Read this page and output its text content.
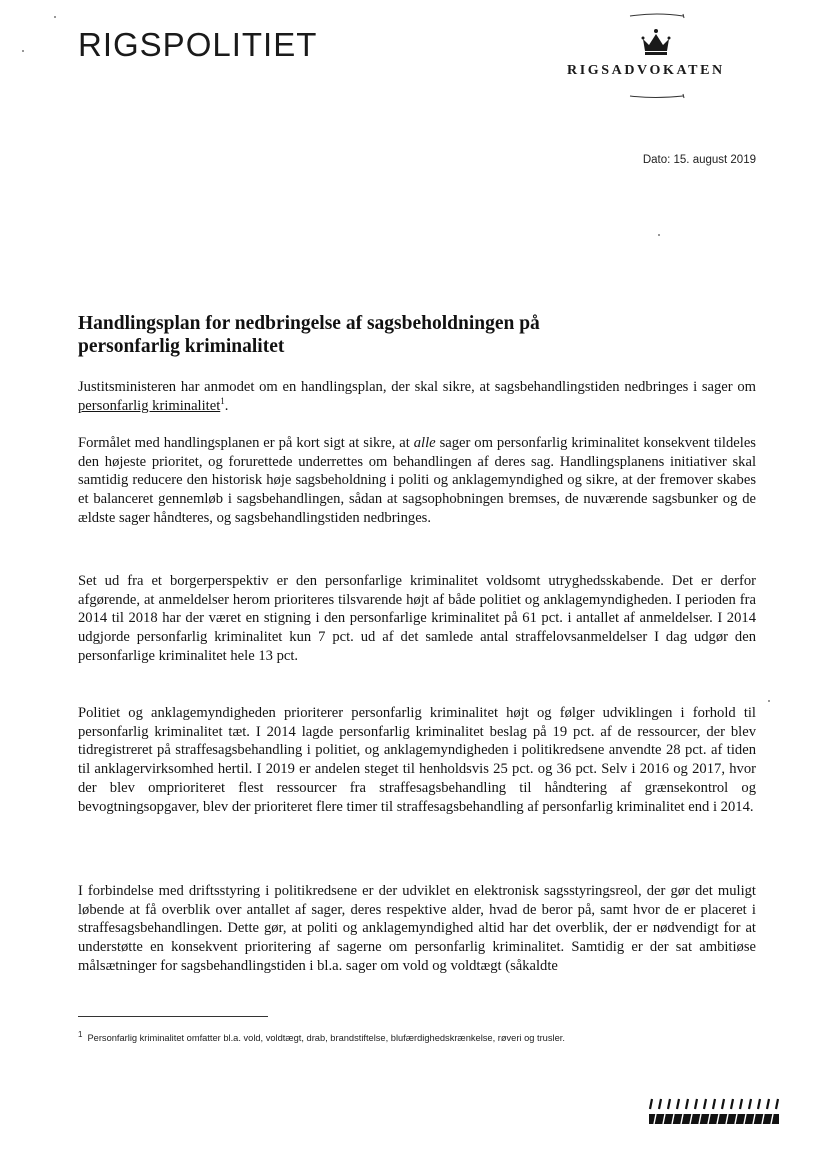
RIGSPOLITIET
RIGSADVOKATEN
Dato: 15. august 2019
Handlingsplan for nedbringelse af sagsbeholdningen på personfarlig kriminalitet

Justitsministeren har anmodet om en handlingsplan, der skal sikre, at sagsbehandlingstiden nedbringes i sager om personfarlig kriminalitet$^1$.

Formålet med handlingsplanen er på kort sigt at sikre, at alle sager om personfarlig kriminalitet konsekvent tildeles den højeste prioritet, og forurettede underrettes om behandlingen af deres sag. Handlingsplanens initiativer skal samtidig reducere den historisk høje sagsbeholdning i politi og anklagemyndighed og sikre, at der fremover skabes et balanceret gennemløb i sagsbehandlingen, sådan at sagsophobningen bremses, de nuværende sagsbunker og de ældste sager håndteres, og sagsbehandlingstiden nedbringes.

Set ud fra et borgerperspektiv er den personfarlige kriminalitet voldsomt utryghedsskabende. Det er derfor afgørende, at anmeldelser herom prioriteres tilsvarende højt af både politiet og anklagemyndigheden. I perioden fra 2014 til 2018 har der været en stigning i den personfarlige kriminalitet på 61 pct. i antallet af anmeldelser. I 2014 udgjorde personfarlig kriminalitet kun 7 pct. ud af det samlede antal straffelovsanmeldelser I dag udgør den personfarlige kriminalitet hele 13 pct.

Politiet og anklagemyndigheden prioriterer personfarlig kriminalitet højt og følger udviklingen i forhold til personfarlig kriminalitet tæt. I 2014 lagde personfarlig kriminalitet beslag på 19 pct. af de ressourcer, der blev tidregistreret på straffesagsbehandling i politiet, og anklagemyndigheden i politikredsene anvendte 28 pct. af tiden til anklagervirksomhed hertil. I 2019 er andelen steget til henholdsvis 25 pct. og 36 pct. Selv i 2016 og 2017, hvor der blev omprioriteret flest ressourcer fra straffesagsbehandling til håndtering af grænsekontrol og bevogtningsopgaver, blev der prioriteret flere timer til straffesagsbehandling af personfarlig kriminalitet end i 2014.

I forbindelse med driftsstyring i politikredsene er der udviklet en elektronisk sagsstyringsreol, der gør det muligt løbende at få overblik over antallet af sager, deres respektive alder, hvad de beror på, samt hvor de er placeret i straffesagsbehandlingen. Dette gør, at politi og anklagemyndighed altid har det overblik, der er nødvendigt for at understøtte en konsekvent prioritering af sagerne om personfarlig kriminalitet. Samtidig er der sat ambitiøse målsætninger for sagsbehandlingstiden i bl.a. sager om vold og voldtægt (såkaldte

$^1$ Personfarlig kriminalitet omfatter bl.a. vold, voldtægt, drab, brandstiftelse, blufærdighedskrænkelse, røveri og trusler.
